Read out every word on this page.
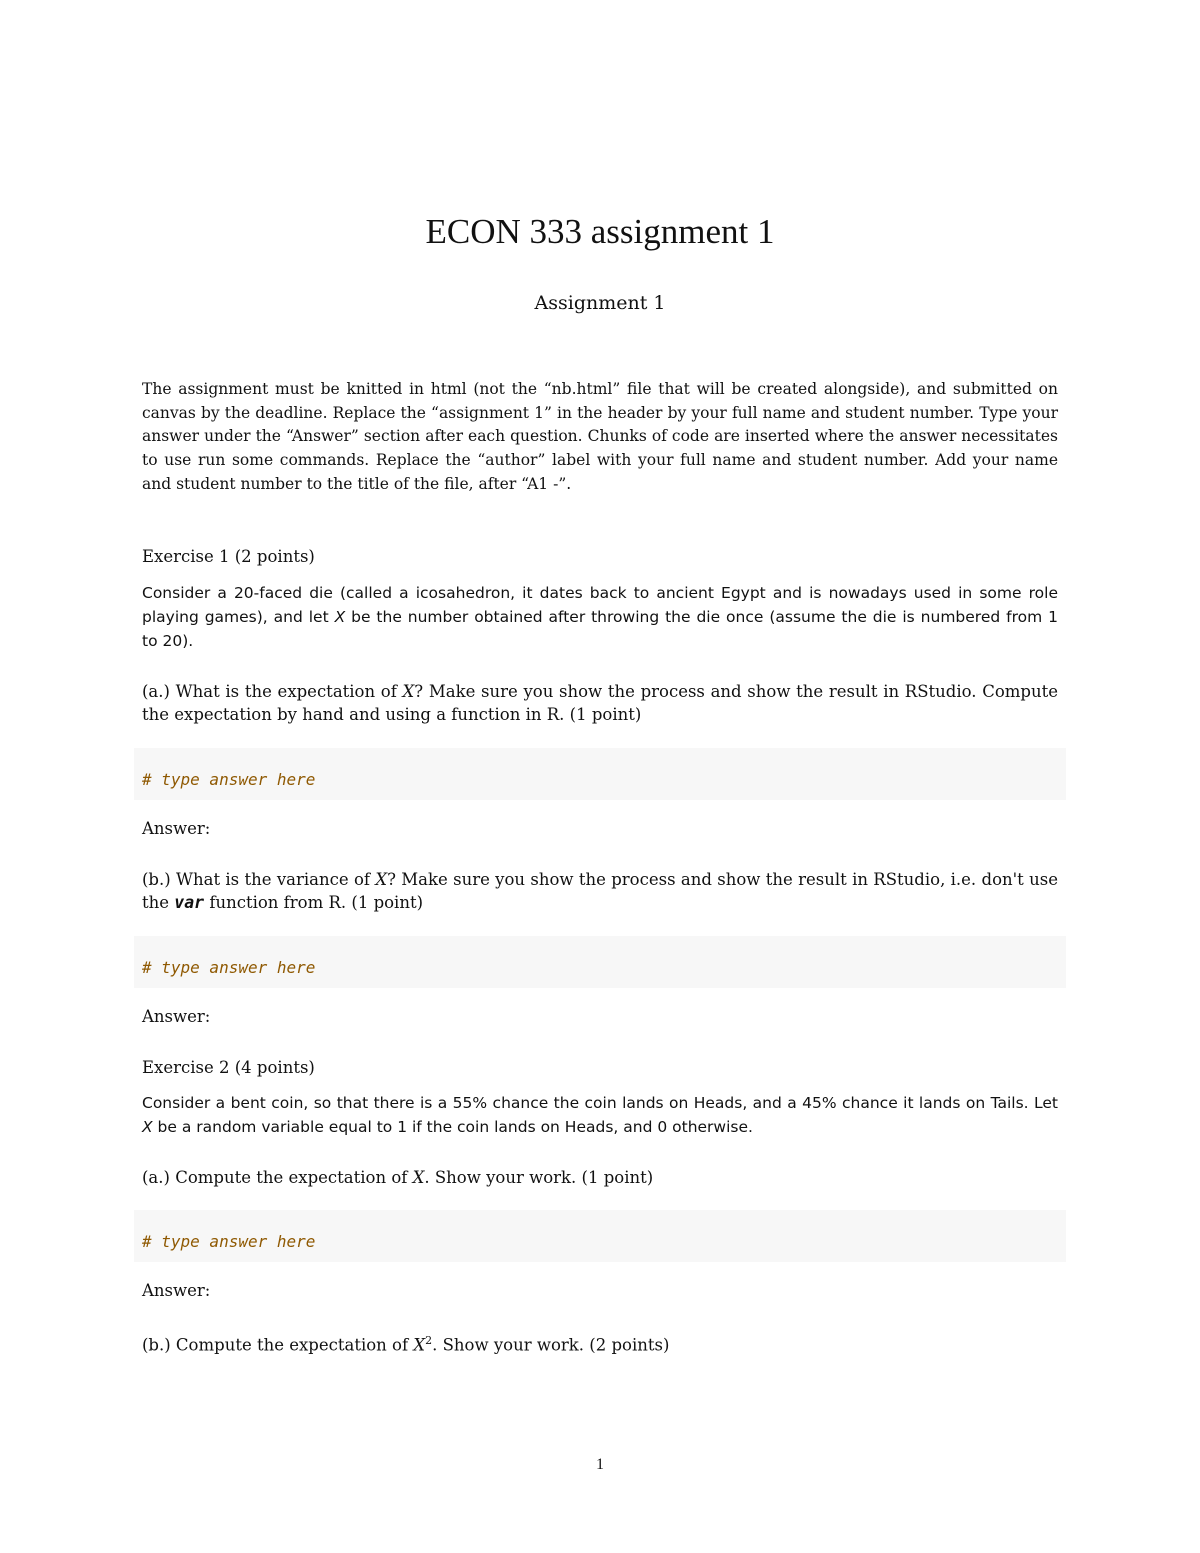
ECON 333 assignment 1
Assignment 1
The assignment must be knitted in html (not the “nb.html” file that will be created alongside), and submitted on canvas by the deadline. Replace the “assignment 1” in the header by your full name and student number. Type your answer under the “Answer” section after each question. Chunks of code are inserted where the answer necessitates to use run some commands. Replace the “author” label with your full name and student number. Add your name and student number to the title of the file, after “A1 -”.
Exercise 1 (2 points)
Consider a 20-faced die (called a icosahedron, it dates back to ancient Egypt and is nowadays used in some role playing games), and let X be the number obtained after throwing the die once (assume the die is numbered from 1 to 20).
(a.) What is the expectation of X? Make sure you show the process and show the result in RStudio. Compute the expectation by hand and using a function in R. (1 point)
# type answer here
Answer:
(b.) What is the variance of X? Make sure you show the process and show the result in RStudio, i.e. don't use the var function from R. (1 point)
# type answer here
Answer:
Exercise 2 (4 points)
Consider a bent coin, so that there is a 55% chance the coin lands on Heads, and a 45% chance it lands on Tails. Let X be a random variable equal to 1 if the coin lands on Heads, and 0 otherwise.
(a.) Compute the expectation of X. Show your work. (1 point)
# type answer here
Answer:
(b.) Compute the expectation of $X^2$. Show your work. (2 points)
1
